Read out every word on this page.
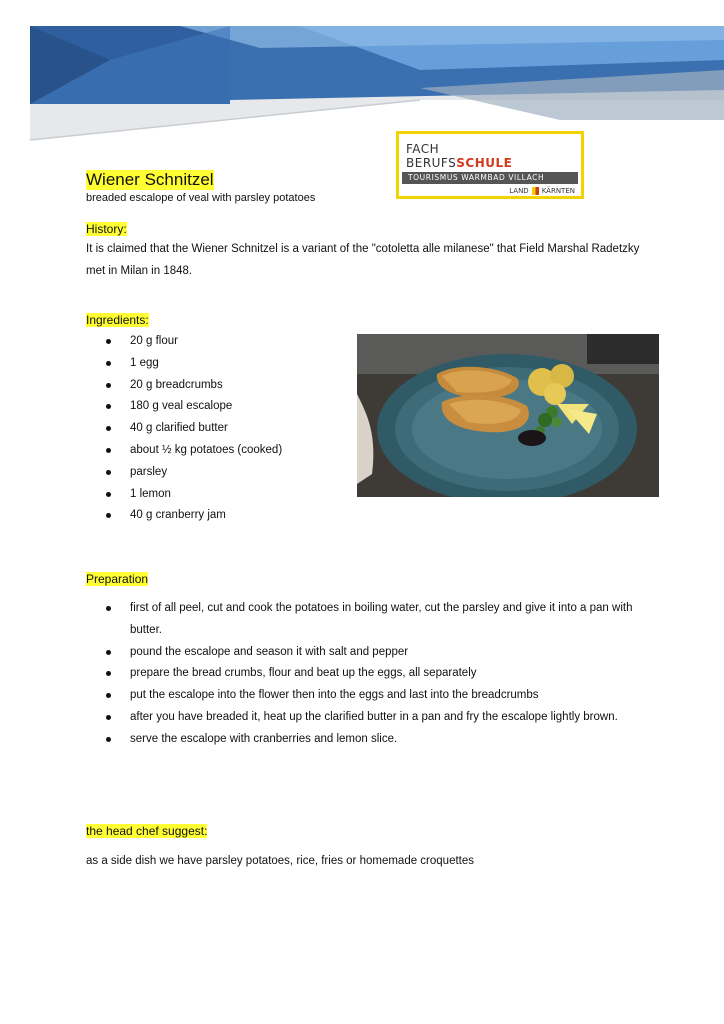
FACH
BERUFSSCHULE
TOURISMUS WARMBAD VILLACH
LAND KÄRNTEN
Wiener Schnitzel
breaded escalope of veal with parsley potatoes
History:

It is claimed that the Wiener Schnitzel is a variant of the "cotoletta alle milanese" that Field Marshal Radetzky met in Milan in 1848.

Ingredients:
20 g flour
1 egg
20 g breadcrumbs
180 g veal escalope
40 g clarified butter
about ½ kg potatoes (cooked)
parsley
1 lemon
40 g cranberry jam
Preparation
first of all peel, cut and cook the potatoes in boiling water, cut the parsley and give it into a pan with butter.
pound the escalope and season it with salt and pepper
prepare the bread crumbs, flour and beat up the eggs, all separately
put the escalope into the flower then into the eggs and last into the breadcrumbs
after you have breaded it, heat up the clarified butter in a pan and fry the escalope lightly brown.
serve the escalope with cranberries and lemon slice.
the head chef suggest:

as a side dish we have parsley potatoes, rice, fries or homemade croquettes
